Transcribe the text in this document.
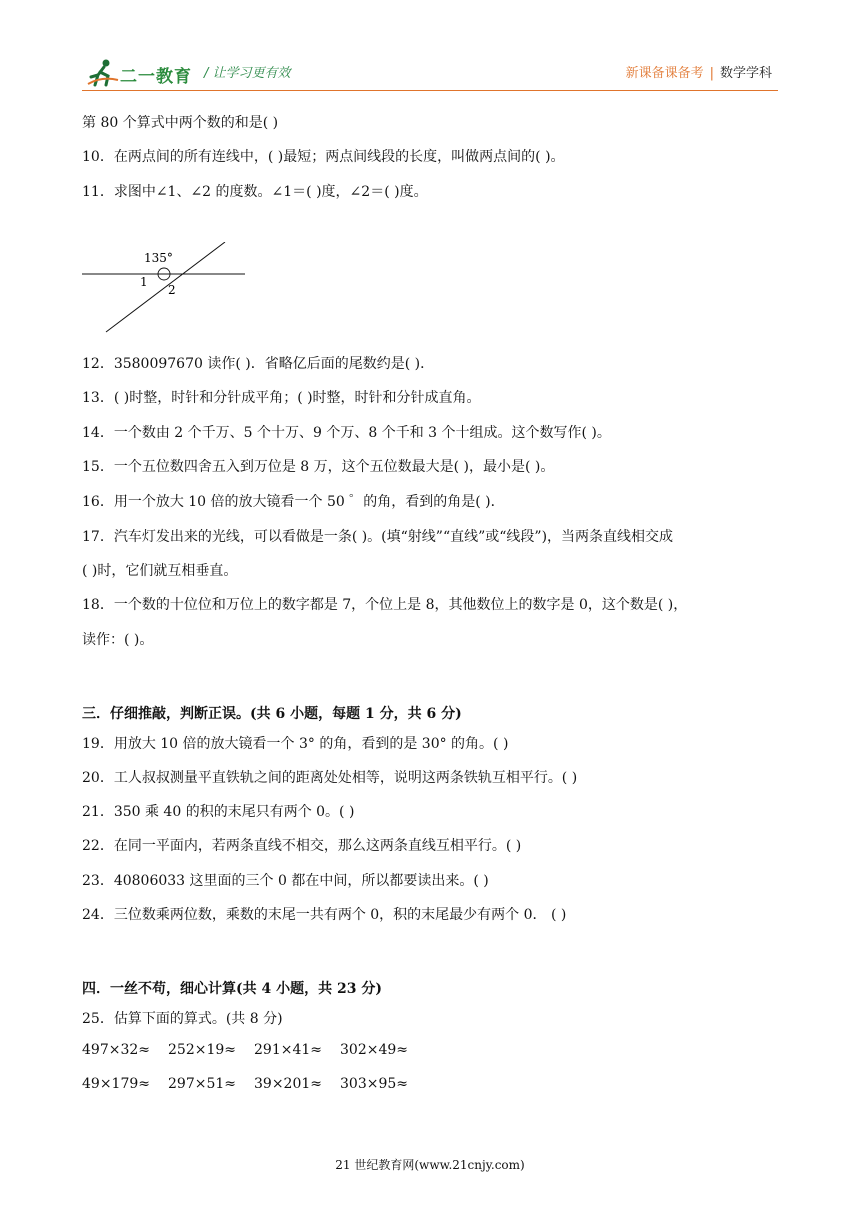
二一教育 / 让学习更有效	新课备课备考 | 数学学科
第 80 个算式中两个数的和是( )
10．在两点间的所有连线中，( )最短；两点间线段的长度，叫做两点间的( )。
11．求图中∠1、∠2 的度数。∠1＝( )度，∠2＝( )度。
135°
1
2
12．3580097670 读作( )．省略亿后面的尾数约是( )．
13．( )时整，时针和分针成平角；( )时整，时针和分针成直角。
14．一个数由 2 个千万、5 个十万、9 个万、8 个千和 3 个十组成。这个数写作( )。
15．一个五位数四舍五入到万位是 8 万，这个五位数最大是( )，最小是( )。
16．用一个放大 10 倍的放大镜看一个 50 ゜的角，看到的角是( )．
17．汽车灯发出来的光线，可以看做是一条( )。(填“射线”“直线”或“线段”)，当两条直线相交成
( )时，它们就互相垂直。
18．一个数的十位位和万位上的数字都是 7，个位上是 8，其他数位上的数字是 0，这个数是( )，
读作：( )。
三．仔细推敲，判断正误。(共 6 小题，每题 1 分，共 6 分)
19．用放大 10 倍的放大镜看一个 3° 的角，看到的是 30° 的角。( )
20．工人叔叔测量平直铁轨之间的距离处处相等，说明这两条铁轨互相平行。( )
21．350 乘 40 的积的末尾只有两个 0。( )
22．在同一平面内，若两条直线不相交，那么这两条直线互相平行。( )
23．40806033 这里面的三个 0 都在中间，所以都要读出来。( )
24．三位数乘两位数，乘数的末尾一共有两个 0，积的末尾最少有两个 0． ( )
四．一丝不苟，细心计算(共 4 小题，共 23 分)
25．估算下面的算式。(共 8 分)
497×32≈ 252×19≈ 291×41≈ 302×49≈
49×179≈ 297×51≈ 39×201≈ 303×95≈
21 世纪教育网(www.21cnjy.com)
